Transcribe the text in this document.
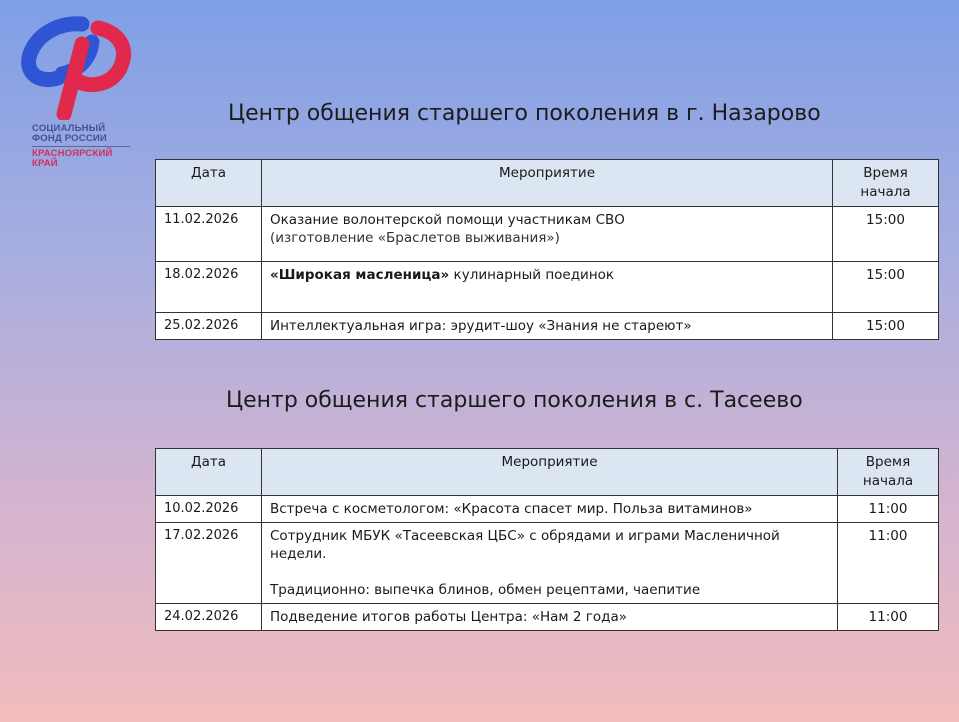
СОЦИАЛЬНЫЙ
ФОНД РОССИИ
КРАСНОЯРСКИЙ
КРАЙ
Центр общения старшего поколения в г. Назарово
Дата	Мероприятие	Время
начала
11.02.2026	Оказание волонтерской помощи участникам СВО
(изготовление «Браслетов выживания»)	15:00
18.02.2026	«Широкая масленица» кулинарный поединок	15:00
25.02.2026	Интеллектуальная игра: эрудит-шоу «Знания не стареют»	15:00
Центр общения старшего поколения в с. Тасеево
Дата	Мероприятие	Время
начала
10.02.2026	Встреча с косметологом: «Красота спасет мир. Польза витаминов»	11:00
17.02.2026	Сотрудник МБУК «Тасеевская ЦБС» с обрядами и играми Масленичной недели.
Традиционно: выпечка блинов, обмен рецептами, чаепитие	11:00
24.02.2026	Подведение итогов работы Центра: «Нам 2 года»	11:00
